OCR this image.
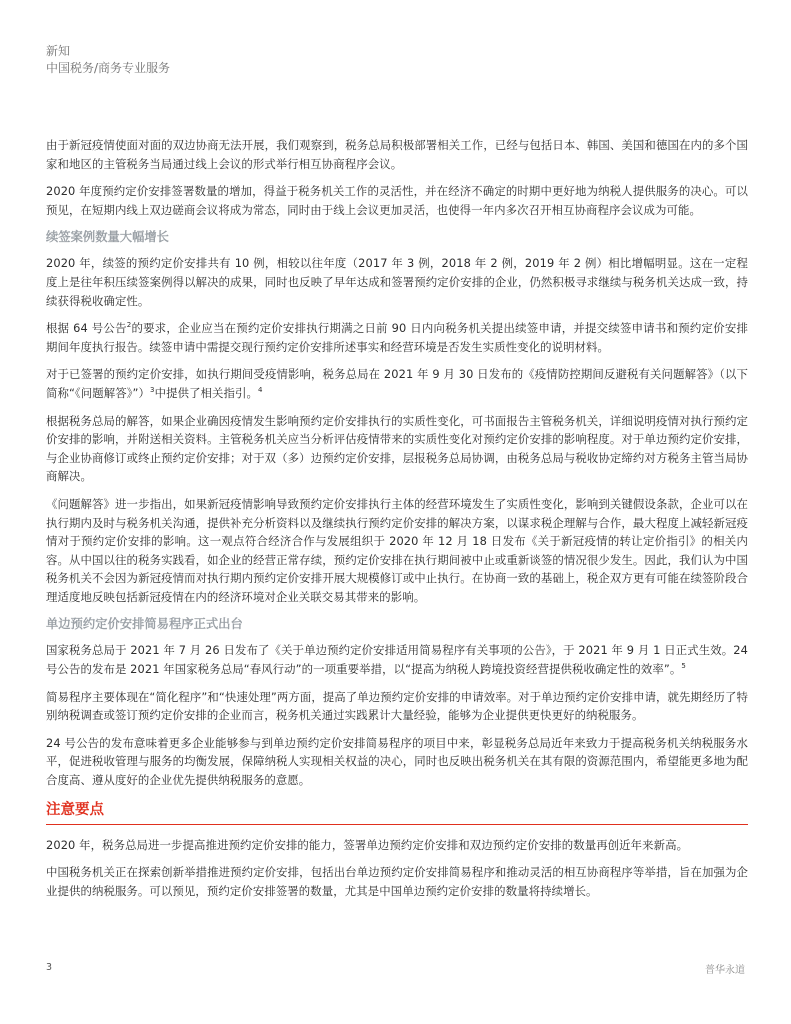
新知
中国税务/商务专业服务

由于新冠疫情使面对面的双边协商无法开展，我们观察到，税务总局积极部署相关工作，已经与包括日本、韩国、美国和德国在内的多个国家和地区的主管税务当局通过线上会议的形式举行相互协商程序会议。

2020 年度预约定价安排签署数量的增加，得益于税务机关工作的灵活性，并在经济不确定的时期中更好地为纳税人提供服务的决心。可以预见，在短期内线上双边磋商会议将成为常态，同时由于线上会议更加灵活，也使得一年内多次召开相互协商程序会议成为可能。

续签案例数量大幅增长

2020 年，续签的预约定价安排共有 10 例，相较以往年度（2017 年 3 例，2018 年 2 例，2019 年 2 例）相比增幅明显。这在一定程度上是往年积压续签案例得以解决的成果，同时也反映了早年达成和签署预约定价安排的企业，仍然积极寻求继续与税务机关达成一致，持续获得税收确定性。

根据 64 号公告$^2$的要求，企业应当在预约定价安排执行期满之日前 90 日内向税务机关提出续签申请，并提交续签申请书和预约定价安排期间年度执行报告。续签申请中需提交现行预约定价安排所述事实和经营环境是否发生实质性变化的说明材料。

对于已签署的预约定价安排，如执行期间受疫情影响，税务总局在 2021 年 9 月 30 日发布的《疫情防控期间反避税有关问题解答》（以下简称“《问题解答》”）$^3$中提供了相关指引。$^4$

根据税务总局的解答，如果企业确因疫情发生影响预约定价安排执行的实质性变化，可书面报告主管税务机关，详细说明疫情对执行预约定价安排的影响，并附送相关资料。主管税务机关应当分析评估疫情带来的实质性变化对预约定价安排的影响程度。对于单边预约定价安排，与企业协商修订或终止预约定价安排；对于双（多）边预约定价安排，层报税务总局协调，由税务总局与税收协定缔约对方税务主管当局协商解决。

《问题解答》进一步指出，如果新冠疫情影响导致预约定价安排执行主体的经营环境发生了实质性变化，影响到关键假设条款，企业可以在执行期内及时与税务机关沟通，提供补充分析资料以及继续执行预约定价安排的解决方案，以谋求税企理解与合作，最大程度上减轻新冠疫情对于预约定价安排的影响。这一观点符合经济合作与发展组织于 2020 年 12 月 18 日发布《关于新冠疫情的转让定价指引》的相关内容。从中国以往的税务实践看，如企业的经营正常存续，预约定价安排在执行期间被中止或重新谈签的情况很少发生。因此，我们认为中国税务机关不会因为新冠疫情而对执行期内预约定价安排开展大规模修订或中止执行。在协商一致的基础上，税企双方更有可能在续签阶段合理适度地反映包括新冠疫情在内的经济环境对企业关联交易其带来的影响。

单边预约定价安排简易程序正式出台

国家税务总局于 2021 年 7 月 26 日发布了《关于单边预约定价安排适用简易程序有关事项的公告》，于 2021 年 9 月 1 日正式生效。24 号公告的发布是 2021 年国家税务总局“春风行动”的一项重要举措，以“提高为纳税人跨境投资经营提供税收确定性的效率”。$^5$

简易程序主要体现在“简化程序”和“快速处理”两方面，提高了单边预约定价安排的申请效率。对于单边预约定价安排申请，就先期经历了特别纳税调查或签订预约定价安排的企业而言，税务机关通过实践累计大量经验，能够为企业提供更快更好的纳税服务。

24 号公告的发布意味着更多企业能够参与到单边预约定价安排简易程序的项目中来，彰显税务总局近年来致力于提高税务机关纳税服务水平，促进税收管理与服务的均衡发展，保障纳税人实现相关权益的决心，同时也反映出税务机关在其有限的资源范围内，希望能更多地为配合度高、遵从度好的企业优先提供纳税服务的意愿。

注意要点

2020 年，税务总局进一步提高推进预约定价安排的能力，签署单边预约定价安排和双边预约定价安排的数量再创近年来新高。

中国税务机关正在探索创新举措推进预约定价安排，包括出台单边预约定价安排简易程序和推动灵活的相互协商程序等举措，旨在加强为企业提供的纳税服务。可以预见，预约定价安排签署的数量，尤其是中国单边预约定价安排的数量将持续增长。

3	普华永道
